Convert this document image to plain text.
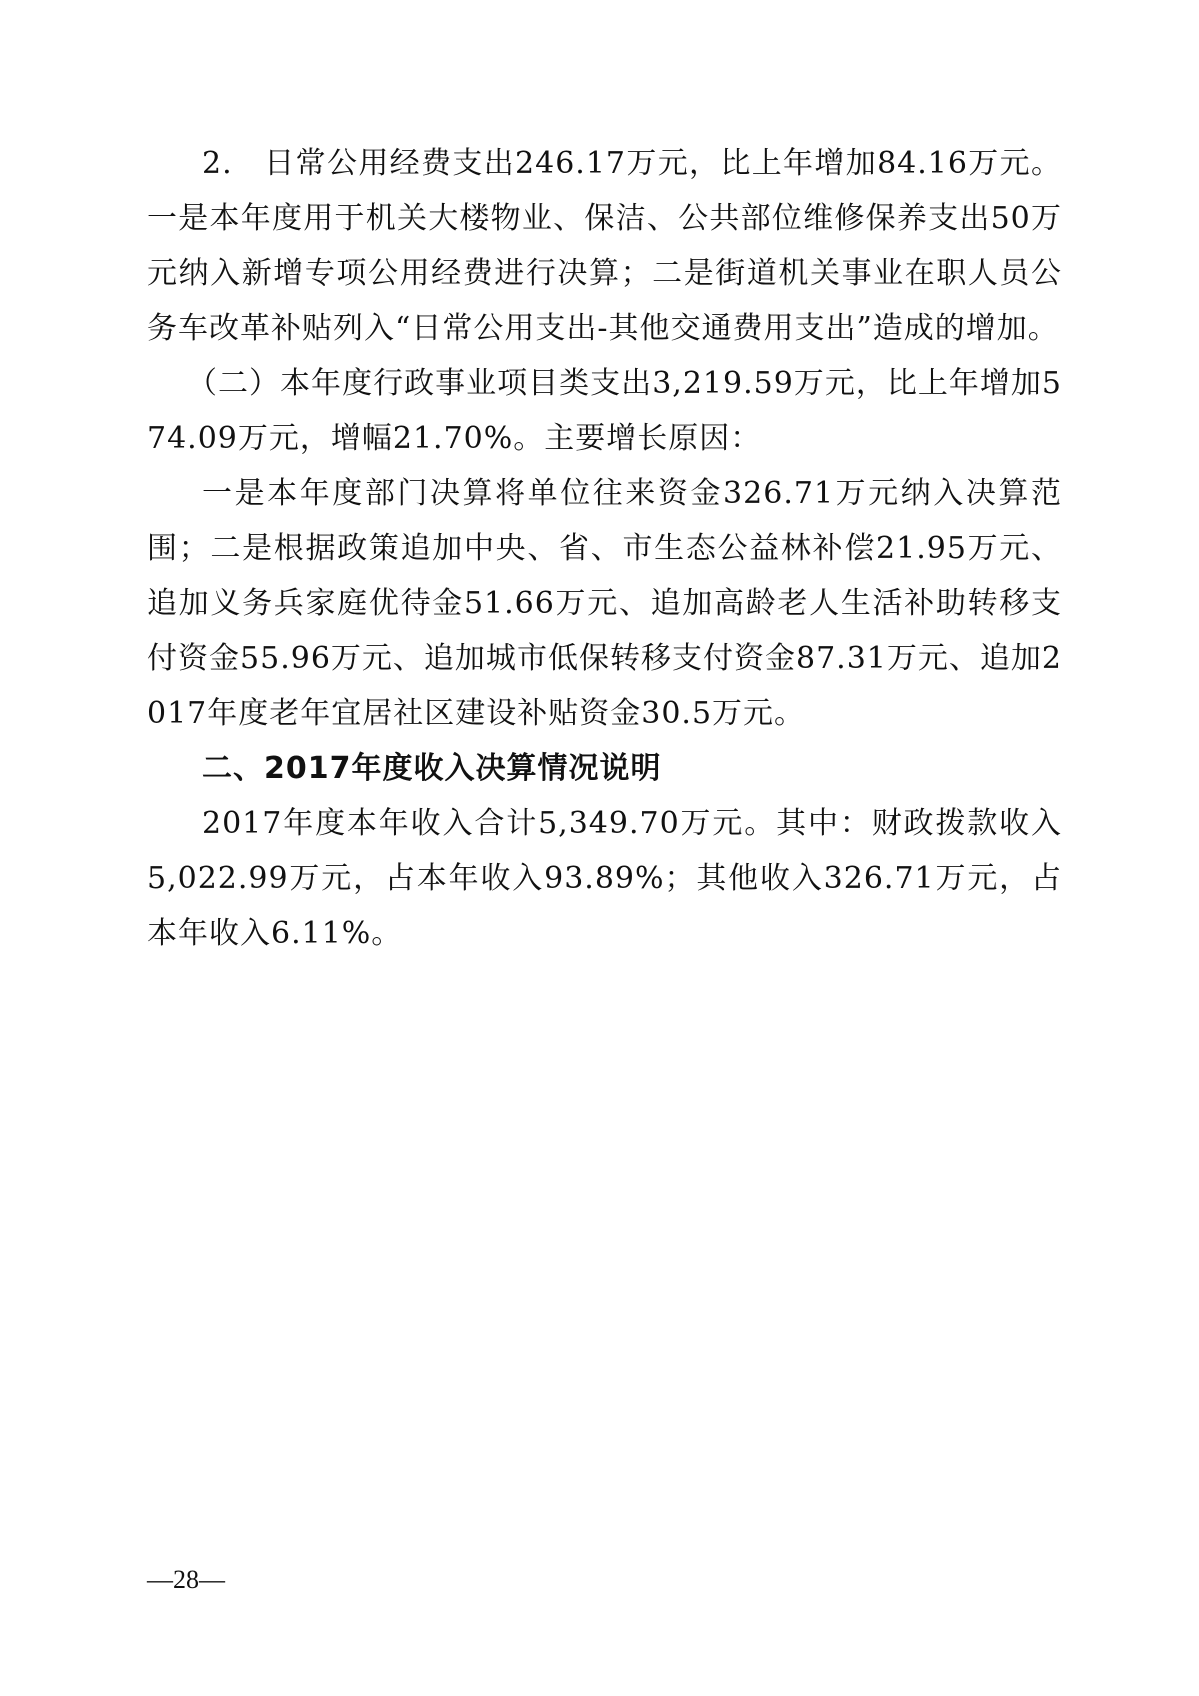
2.　日常公用经费支出246.17万元，比上年增加84.16万元。一是本年度用于机关大楼物业、保洁、公共部位维修保养支出50万元纳入新增专项公用经费进行决算；二是街道机关事业在职人员公务车改革补贴列入“日常公用支出-其他交通费用支出”造成的增加。

（二）本年度行政事业项目类支出3,219.59万元，比上年增加574.09万元，增幅21.70%。主要增长原因：

一是本年度部门决算将单位往来资金326.71万元纳入决算范围；二是根据政策追加中央、省、市生态公益林补偿21.95万元、追加义务兵家庭优待金51.66万元、追加高龄老人生活补助转移支付资金55.96万元、追加城市低保转移支付资金87.31万元、追加2017年度老年宜居社区建设补贴资金30.5万元。

二、2017年度收入决算情况说明

2017年度本年收入合计5,349.70万元。其中：财政拨款收入5,022.99万元，占本年收入93.89%；其他收入326.71万元，占本年收入6.11%。

—28—
